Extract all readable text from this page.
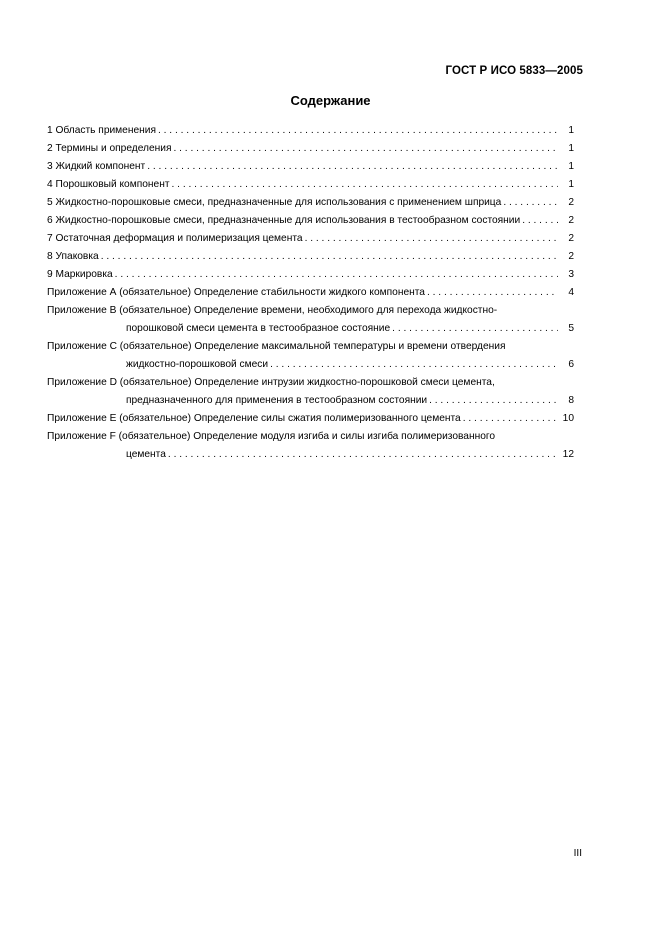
ГОСТ Р ИСО 5833—2005
Содержание
1 Область применения . . .	1
2 Термины и определения . . .	1
3 Жидкий компонент . . .	1
4 Порошковый компонент . . .	1
5 Жидкостно-порошковые смеси, предназначенные для использования с применением шприца . . .	2
6 Жидкостно-порошковые смеси, предназначенные для использования в тестообразном состоянии . . .	2
7 Остаточная деформация и полимеризация цемента . . .	2
8 Упаковка . . .	2
9 Маркировка . . .	3
Приложение А (обязательное) Определение стабильности жидкого компонента . . .	4
Приложение В (обязательное) Определение времени, необходимого для перехода жидкостно-
порошковой смеси цемента в тестообразное состояние . . .	5
Приложение С (обязательное) Определение максимальной температуры и времени отвердения
жидкостно-порошковой смеси . . .	6
Приложение D (обязательное) Определение интрузии жидкостно-порошковой смеси цемента,
предназначенного для применения в тестообразном состоянии . . .	8
Приложение Е (обязательное) Определение силы сжатия полимеризованного цемента . . .	10
Приложение F (обязательное) Определение модуля изгиба и силы изгиба полимеризованного
цемента . . .	12
III
